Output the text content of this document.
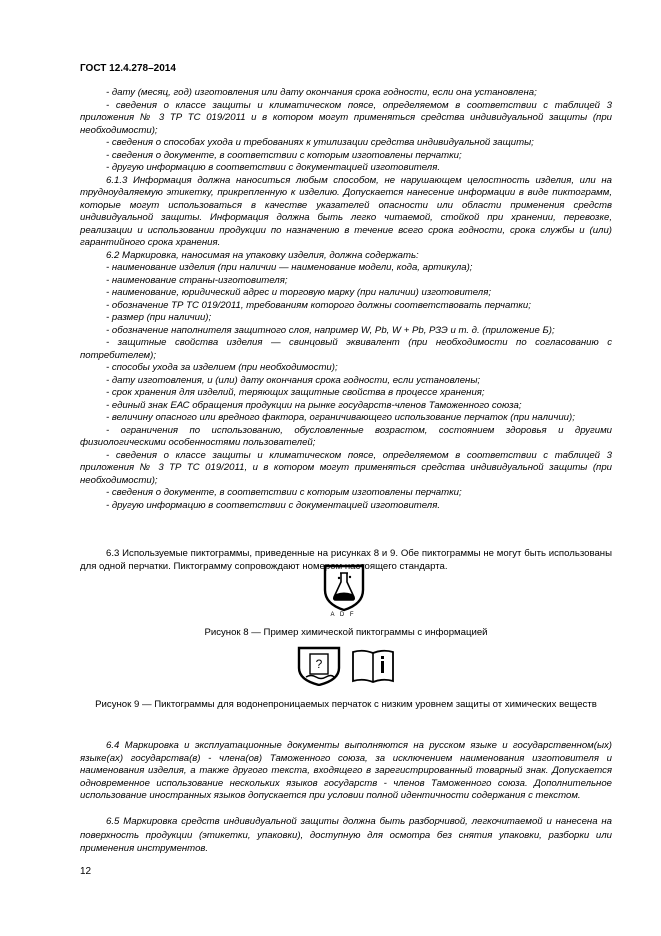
ГОСТ 12.4.278–2014

- дату (месяц, год) изготовления или дату окончания срока годности, если она установлена;

- сведения о классе защиты и климатическом поясе, определяемом в соответствии с таблицей 3 приложения № 3 ТР ТС 019/2011 и в котором могут применяться средства индивидуальной защиты (при необходимости);

- сведения о способах ухода и требованиях к утилизации средства индивидуальной защиты;

- сведения о документе, в соответствии с которым изготовлены перчатки;

- другую информацию в соответствии с документацией изготовителя.

6.1.3 Информация должна наноситься любым способом, не нарушающем целостность изделия, или на трудноудаляемую этикетку, прикрепленную к изделию. Допускается нанесение информации в виде пиктограмм, которые могут использоваться в качестве указателей опасности или области применения средств индивидуальной защиты. Информация должна быть легко читаемой, стойкой при хранении, перевозке, реализации и использовании продукции по назначению в течение всего срока годности, срока службы и (или) гарантийного срока хранения.

6.2 Маркировка, наносимая на упаковку изделия, должна содержать:

- наименование изделия (при наличии — наименование модели, кода, артикула);

- наименование страны-изготовителя;

- наименование, юридический адрес и торговую марку (при наличии) изготовителя;

- обозначение ТР ТС 019/2011, требованиям которого должны соответствовать перчатки;

- размер (при наличии);

- обозначение наполнителя защитного слоя, например W, Pb, W + Pb, РЗЭ и т. д. (приложение Б);

- защитные свойства изделия — свинцовый эквивалент (при необходимости по согласованию с потребителем);

- способы ухода за изделием (при необходимости);

- дату изготовления, и (или) дату окончания срока годности, если установлены;

- срок хранения для изделий, теряющих защитные свойства в процессе хранения;

- единый знак ЕАС обращения продукции на рынке государств-членов Таможенного союза;

- величину опасного или вредного фактора, ограничивающего использование перчаток (при наличии);

- ограничения по использованию, обусловленные возрастом, состоянием здоровья и другими физиологическими особенностями пользователей;

- сведения о классе защиты и климатическом поясе, определяемом в соответствии с таблицей 3 приложения № 3 ТР ТС 019/2011, и в котором могут применяться средства индивидуальной защиты (при необходимости);

- сведения о документе, в соответствии с которым изготовлены перчатки;

- другую информацию в соответствии с документацией изготовителя.

6.3 Используемые пиктограммы, приведенные на рисунках 8 и 9. Обе пиктограммы не могут быть использованы для одной перчатки. Пиктограмму сопровождают номером настоящего стандарта.

A D F
Рисунок 8 — Пример химической пиктограммы с информацией
?
Рисунок 9 — Пиктограммы для водонепроницаемых перчаток с низким уровнем защиты от химических веществ

6.4 Маркировка и эксплуатационные документы выполняются на русском языке и государственном(ых) языке(ах) государства(в) - члена(ов) Таможенного союза, за исключением наименования изготовителя и наименования изделия, а также другого текста, входящего в зарегистрированный товарный знак. Допускается одновременное использование нескольких языков государств - членов Таможенного союза. Дополнительное использование иностранных языков допускается при условии полной идентичности содержания с текстом.

6.5 Маркировка средств индивидуальной защиты должна быть разборчивой, легкочитаемой и нанесена на поверхность продукции (этикетки, упаковки), доступную для осмотра без снятия упаковки, разборки или применения инструментов.

12
